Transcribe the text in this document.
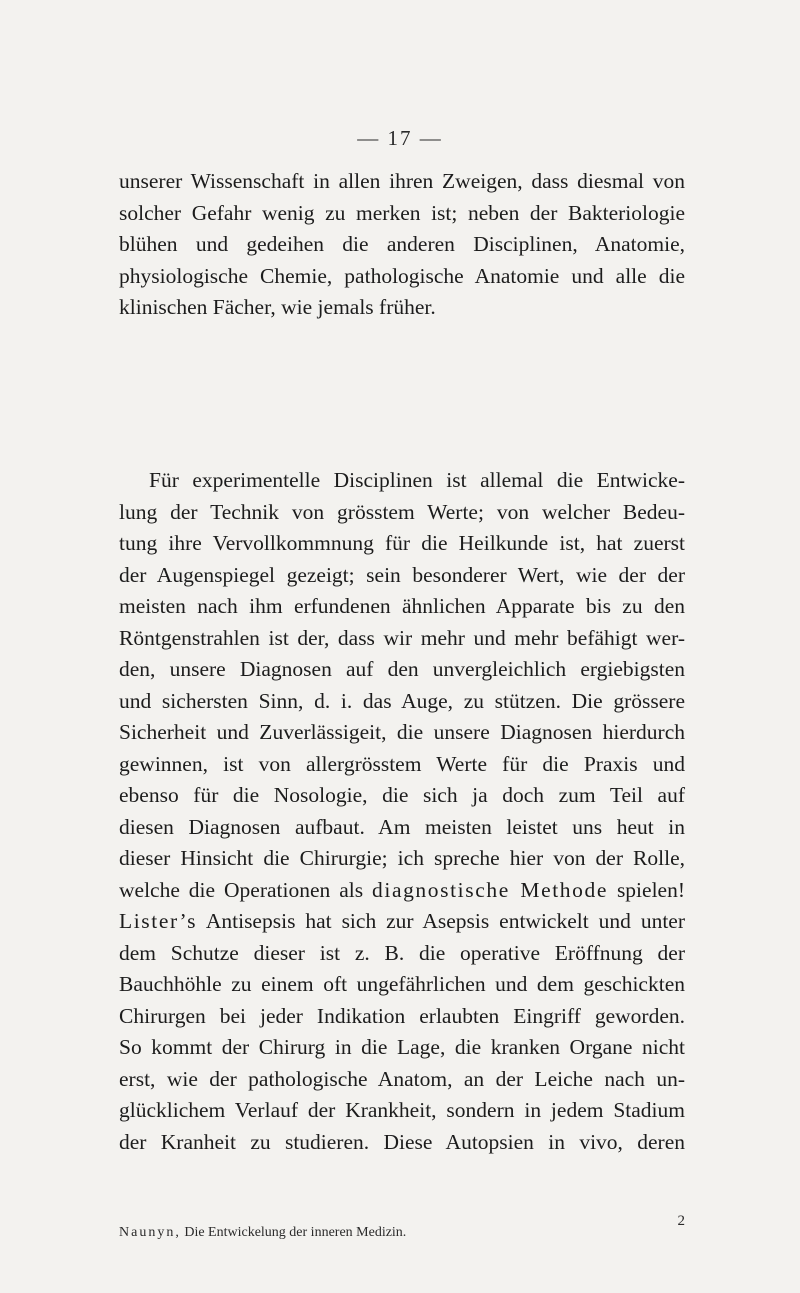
— 17 —
unserer Wissenschaft in allen ihren Zweigen, dass diesmal von
solcher Gefahr wenig zu merken ist; neben der Bakteriologie
blühen und gedeihen die anderen Disciplinen, Anatomie,
physiologische Chemie, pathologische Anatomie und alle die
klinischen Fächer, wie jemals früher.
Für experimentelle Disciplinen ist allemal die Entwicke-
lung der Technik von grösstem Werte; von welcher Bedeu-
tung ihre Vervollkommnung für die Heilkunde ist, hat zuerst
der Augenspiegel gezeigt; sein besonderer Wert, wie der der
meisten nach ihm erfundenen ähnlichen Apparate bis zu den
Röntgenstrahlen ist der, dass wir mehr und mehr befähigt wer-
den, unsere Diagnosen auf den unvergleichlich ergiebigsten
und sichersten Sinn, d. i. das Auge, zu stützen. Die grössere
Sicherheit und Zuverlässigeit, die unsere Diagnosen hierdurch
gewinnen, ist von allergrösstem Werte für die Praxis und
ebenso für die Nosologie, die sich ja doch zum Teil auf
diesen Diagnosen aufbaut. Am meisten leistet uns heut in
dieser Hinsicht die Chirurgie; ich spreche hier von der Rolle,
welche die Operationen als diagnostische Methode spielen!
Lister’s Antisepsis hat sich zur Asepsis entwickelt und unter
dem Schutze dieser ist z. B. die operative Eröffnung der
Bauchhöhle zu einem oft ungefährlichen und dem geschickten
Chirurgen bei jeder Indikation erlaubten Eingriff geworden.
So kommt der Chirurg in die Lage, die kranken Organe nicht
erst, wie der pathologische Anatom, an der Leiche nach un-
glücklichem Verlauf der Krankheit, sondern in jedem Stadium
der Kranheit zu studieren. Diese Autopsien in vivo, deren
Naunyn, Die Entwickelung der inneren Medizin.
2
